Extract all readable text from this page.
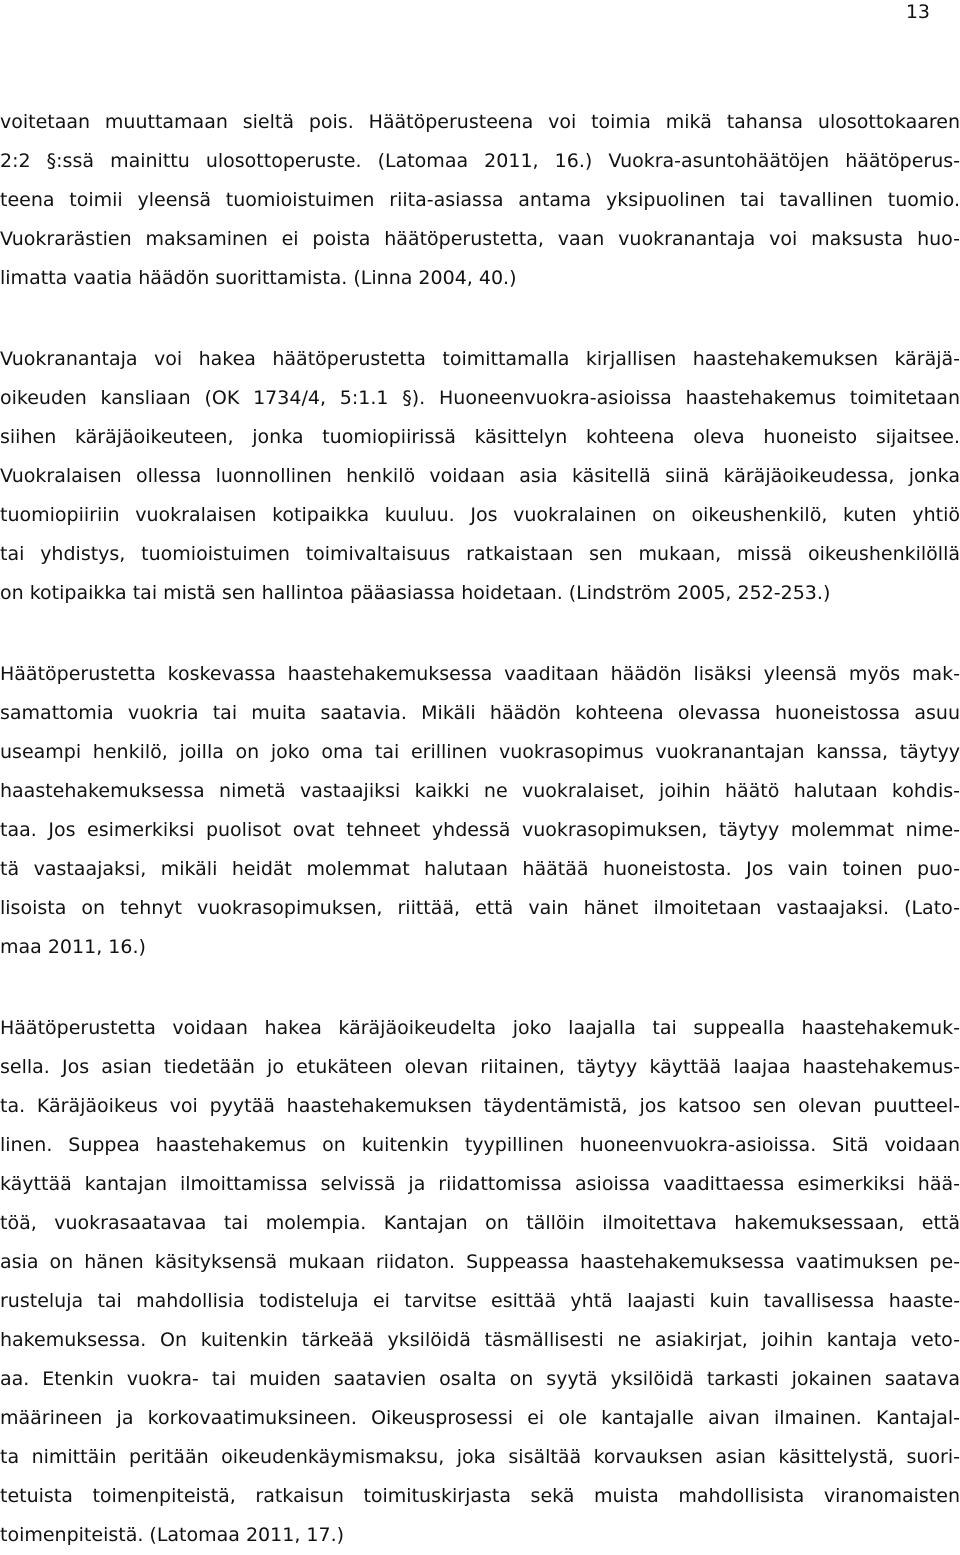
13
voitetaan muuttamaan sieltä pois. Häätöperusteena voi toimia mikä tahansa ulosottokaaren
2:2 §:ssä mainittu ulosottoperuste. (Latomaa 2011, 16.) Vuokra-asuntohäätöjen häätöperus-
teena toimii yleensä tuomioistuimen riita-asiassa antama yksipuolinen tai tavallinen tuomio.
Vuokrarästien maksaminen ei poista häätöperustetta, vaan vuokranantaja voi maksusta huo-
limatta vaatia häädön suorittamista. (Linna 2004, 40.)
Vuokranantaja voi hakea häätöperustetta toimittamalla kirjallisen haastehakemuksen käräjä-
oikeuden kansliaan (OK 1734/4, 5:1.1 §). Huoneenvuokra-asioissa haastehakemus toimitetaan
siihen käräjäoikeuteen, jonka tuomiopiirissä käsittelyn kohteena oleva huoneisto sijaitsee.
Vuokralaisen ollessa luonnollinen henkilö voidaan asia käsitellä siinä käräjäoikeudessa, jonka
tuomiopiiriin vuokralaisen kotipaikka kuuluu. Jos vuokralainen on oikeushenkilö, kuten yhtiö
tai yhdistys, tuomioistuimen toimivaltaisuus ratkaistaan sen mukaan, missä oikeushenkilöllä
on kotipaikka tai mistä sen hallintoa pääasiassa hoidetaan. (Lindström 2005, 252-253.)
Häätöperustetta koskevassa haastehakemuksessa vaaditaan häädön lisäksi yleensä myös mak-
samattomia vuokria tai muita saatavia. Mikäli häädön kohteena olevassa huoneistossa asuu
useampi henkilö, joilla on joko oma tai erillinen vuokrasopimus vuokranantajan kanssa, täytyy
haastehakemuksessa nimetä vastaajiksi kaikki ne vuokralaiset, joihin häätö halutaan kohdis-
taa. Jos esimerkiksi puolisot ovat tehneet yhdessä vuokrasopimuksen, täytyy molemmat nime-
tä vastaajaksi, mikäli heidät molemmat halutaan häätää huoneistosta. Jos vain toinen puo-
lisoista on tehnyt vuokrasopimuksen, riittää, että vain hänet ilmoitetaan vastaajaksi. (Lato-
maa 2011, 16.)
Häätöperustetta voidaan hakea käräjäoikeudelta joko laajalla tai suppealla haastehakemuk-
sella. Jos asian tiedetään jo etukäteen olevan riitainen, täytyy käyttää laajaa haastehakemus-
ta. Käräjäoikeus voi pyytää haastehakemuksen täydentämistä, jos katsoo sen olevan puutteel-
linen. Suppea haastehakemus on kuitenkin tyypillinen huoneenvuokra-asioissa. Sitä voidaan
käyttää kantajan ilmoittamissa selvissä ja riidattomissa asioissa vaadittaessa esimerkiksi hää-
töä, vuokrasaatavaa tai molempia. Kantajan on tällöin ilmoitettava hakemuksessaan, että
asia on hänen käsityksensä mukaan riidaton. Suppeassa haastehakemuksessa vaatimuksen pe-
rusteluja tai mahdollisia todisteluja ei tarvitse esittää yhtä laajasti kuin tavallisessa haaste-
hakemuksessa. On kuitenkin tärkeää yksilöidä täsmällisesti ne asiakirjat, joihin kantaja veto-
aa. Etenkin vuokra- tai muiden saatavien osalta on syytä yksilöidä tarkasti jokainen saatava
määrineen ja korkovaatimuksineen. Oikeusprosessi ei ole kantajalle aivan ilmainen. Kantajal-
ta nimittäin peritään oikeudenkäymismaksu, joka sisältää korvauksen asian käsittelystä, suori-
tetuista toimenpiteistä, ratkaisun toimituskirjasta sekä muista mahdollisista viranomaisten
toimenpiteistä. (Latomaa 2011, 17.)
